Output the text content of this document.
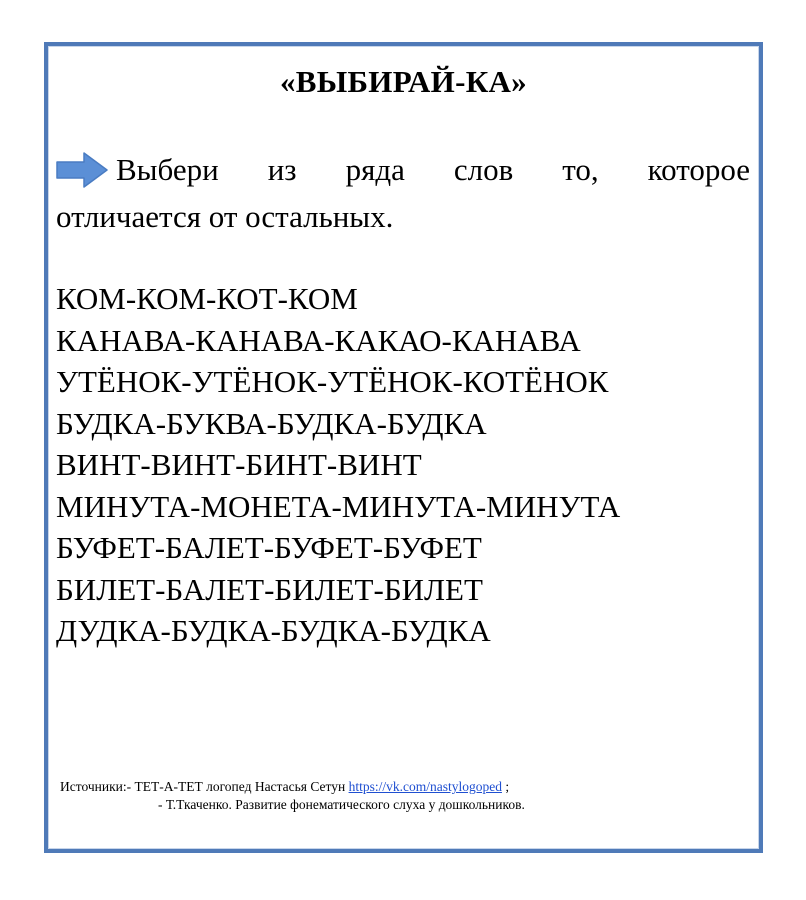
«ВЫБИРАЙ-КА»
Выбери из ряда слов то, которое
отличается от остальных.
КОМ-КОМ-КОТ-КОМ
КАНАВА-КАНАВА-КАКАО-КАНАВА
УТЁНОК-УТЁНОК-УТЁНОК-КОТЁНОК
БУДКА-БУКВА-БУДКА-БУДКА
ВИНТ-ВИНТ-БИНТ-ВИНТ
МИНУТА-МОНЕТА-МИНУТА-МИНУТА
БУФЕТ-БАЛЕТ-БУФЕТ-БУФЕТ
БИЛЕТ-БАЛЕТ-БИЛЕТ-БИЛЕТ
ДУДКА-БУДКА-БУДКА-БУДКА
Источники:- ТЕТ-А-ТЕТ логопед Настасья Сетун https://vk.com/nastylogoped ;
- Т.Ткаченко. Развитие фонематического слуха у дошкольников.
